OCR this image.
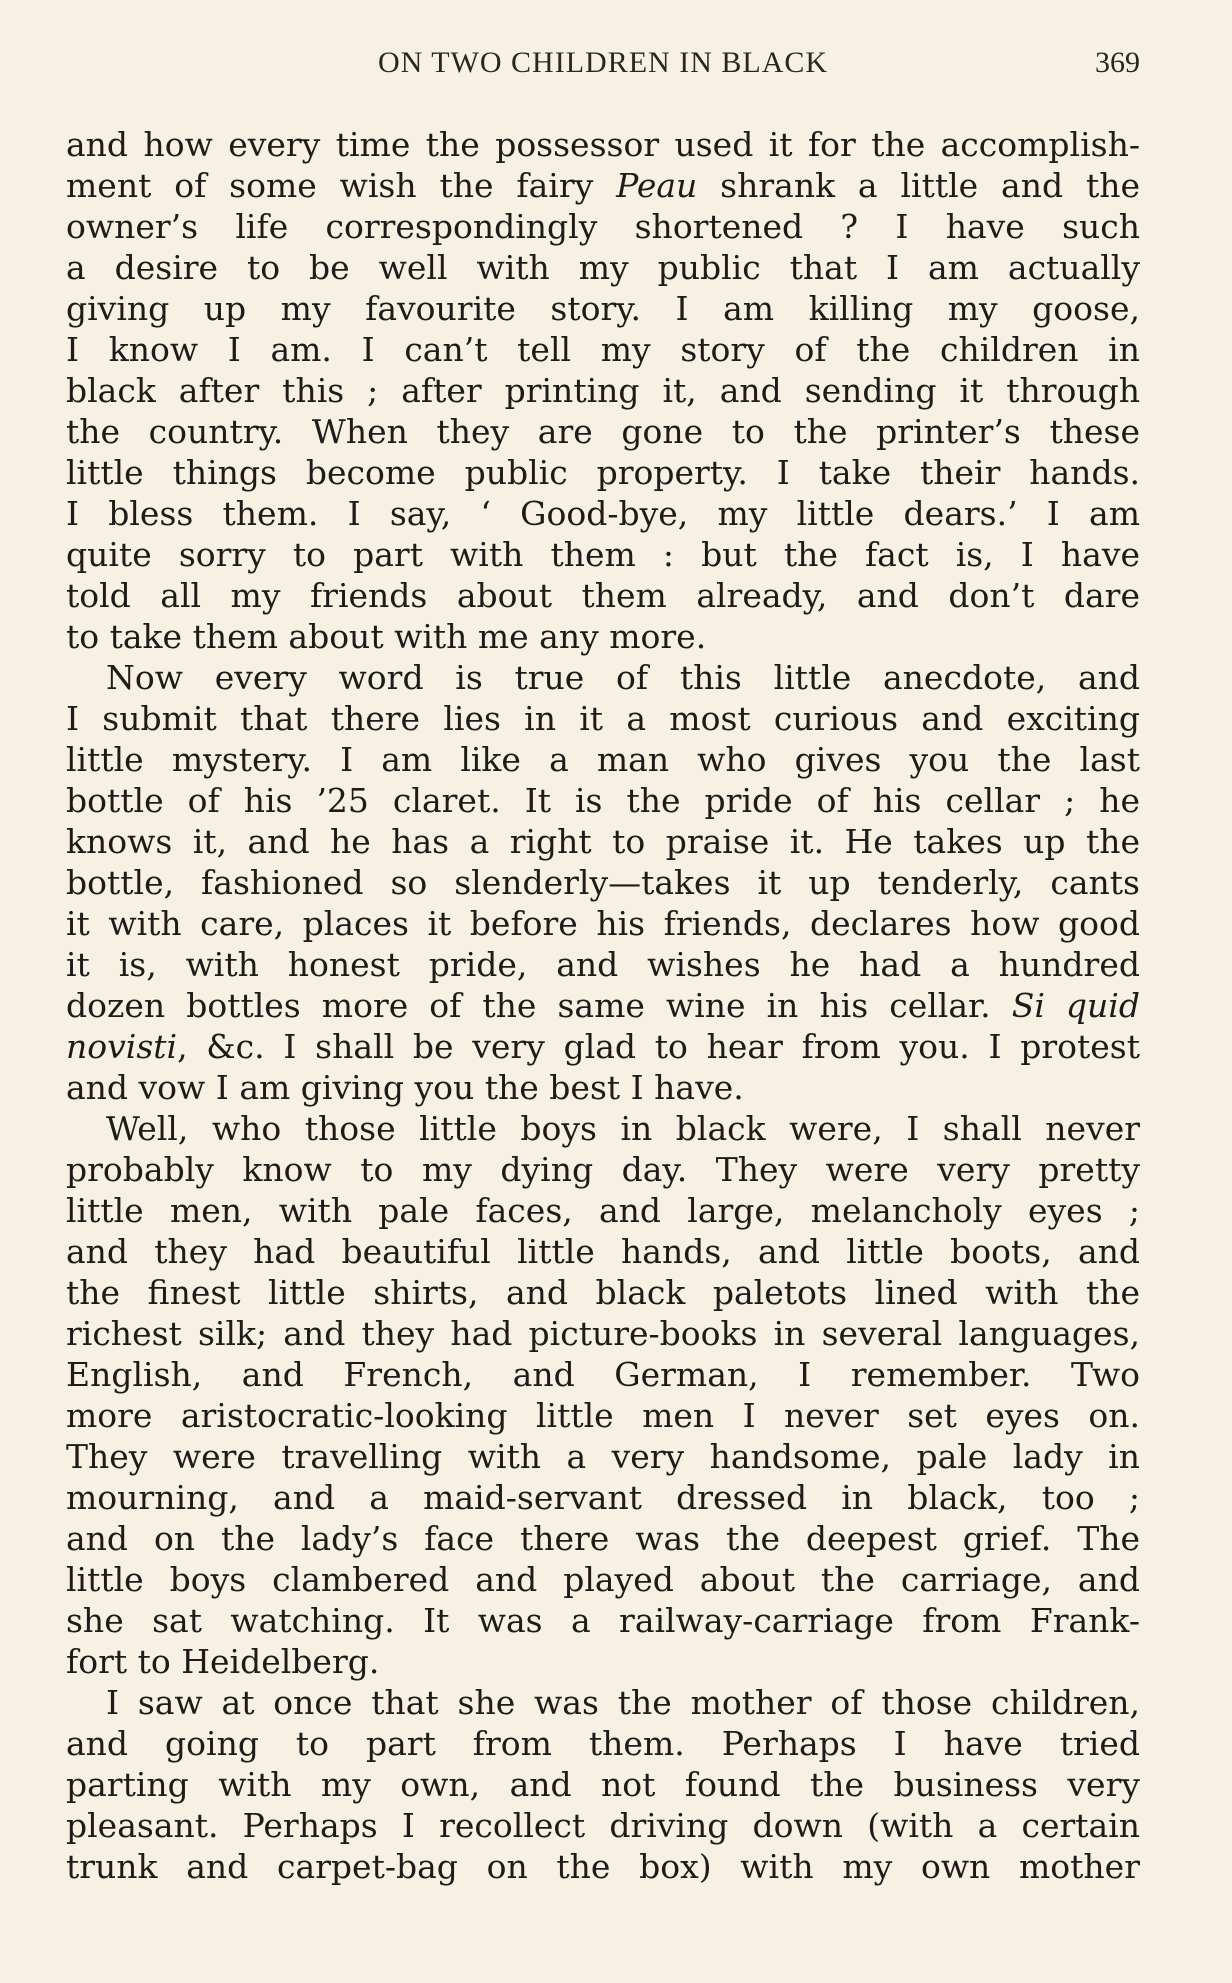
ON TWO CHILDREN IN BLACK	369
and how every time the possessor used it for the accomplish-
ment of some wish the fairy Peau shrank a little and the
owner’s life correspondingly shortened ? I have such
a desire to be well with my public that I am actually
giving up my favourite story. I am killing my goose,
I know I am. I can’t tell my story of the children in
black after this ; after printing it, and sending it through
the country. When they are gone to the printer’s these
little things become public property. I take their hands.
I bless them. I say, ‘ Good-bye, my little dears.’ I am
quite sorry to part with them : but the fact is, I have
told all my friends about them already, and don’t dare
to take them about with me any more.
Now every word is true of this little anecdote, and
I submit that there lies in it a most curious and exciting
little mystery. I am like a man who gives you the last
bottle of his ’25 claret. It is the pride of his cellar ; he
knows it, and he has a right to praise it. He takes up the
bottle, fashioned so slenderly—takes it up tenderly, cants
it with care, places it before his friends, declares how good
it is, with honest pride, and wishes he had a hundred
dozen bottles more of the same wine in his cellar. Si quid
novisti, &c. I shall be very glad to hear from you. I protest
and vow I am giving you the best I have.
Well, who those little boys in black were, I shall never
probably know to my dying day. They were very pretty
little men, with pale faces, and large, melancholy eyes ;
and they had beautiful little hands, and little boots, and
the finest little shirts, and black paletots lined with the
richest silk; and they had picture-books in several languages,
English, and French, and German, I remember. Two
more aristocratic-looking little men I never set eyes on.
They were travelling with a very handsome, pale lady in
mourning, and a maid-servant dressed in black, too ;
and on the lady’s face there was the deepest grief. The
little boys clambered and played about the carriage, and
she sat watching. It was a railway-carriage from Frank-
fort to Heidelberg.
I saw at once that she was the mother of those children,
and going to part from them. Perhaps I have tried
parting with my own, and not found the business very
pleasant. Perhaps I recollect driving down (with a certain
trunk and carpet-bag on the box) with my own mother
